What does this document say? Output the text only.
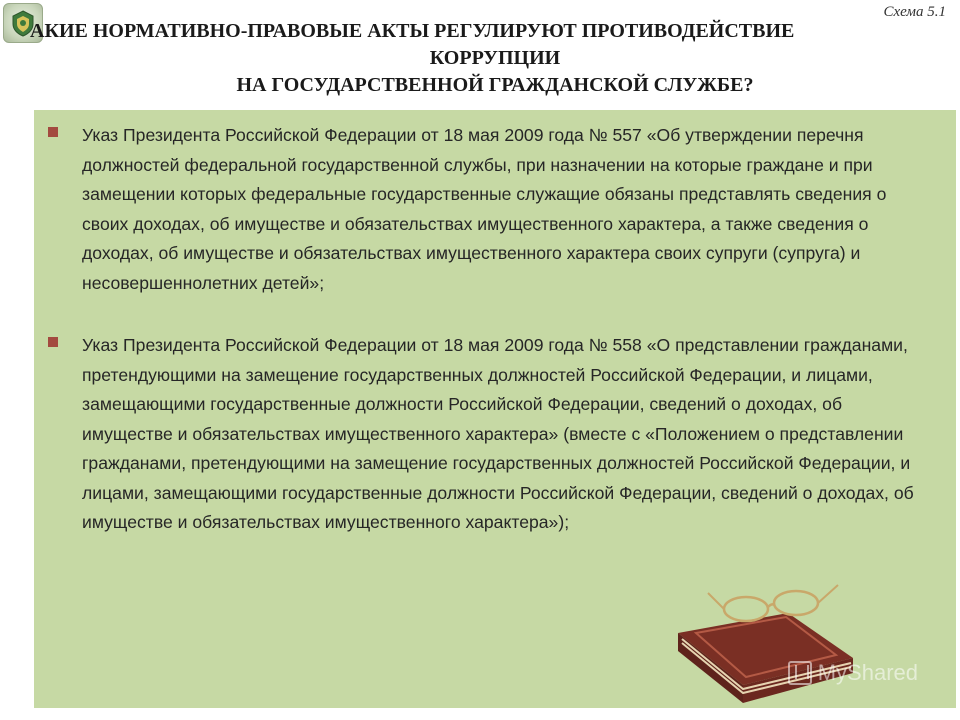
Схема 5.1
АКИЕ НОРМАТИВНО-ПРАВОВЫЕ АКТЫ РЕГУЛИРУЮТ ПРОТИВОДЕЙСТВИЕ
КОРРУПЦИИ
НА ГОСУДАРСТВЕННОЙ ГРАЖДАНСКОЙ СЛУЖБЕ?

Указ Президента Российской Федерации от 18 мая 2009 года № 557 «Об утверждении перечня должностей федеральной государственной службы, при назначении на которые граждане и при замещении которых федеральные государственные служащие обязаны представлять сведения о своих доходах, об имуществе и обязательствах имущественного характера, а также сведения о доходах, об имуществе и обязательствах имущественного характера своих супруги (супруга) и несовершеннолетних детей»;

Указ Президента Российской Федерации от 18 мая 2009 года № 558 «О представлении гражданами, претендующими на замещение государственных должностей Российской Федерации, и лицами, замещающими государственные должности Российской Федерации, сведений о доходах, об имуществе и обязательствах имущественного характера» (вместе с «Положением о представлении гражданами, претендующими на замещение государственных должностей Российской Федерации, и лицами, замещающими государственные должности Российской Федерации, сведений о доходах, об имуществе и обязательствах имущественного характера»);

MyShared
